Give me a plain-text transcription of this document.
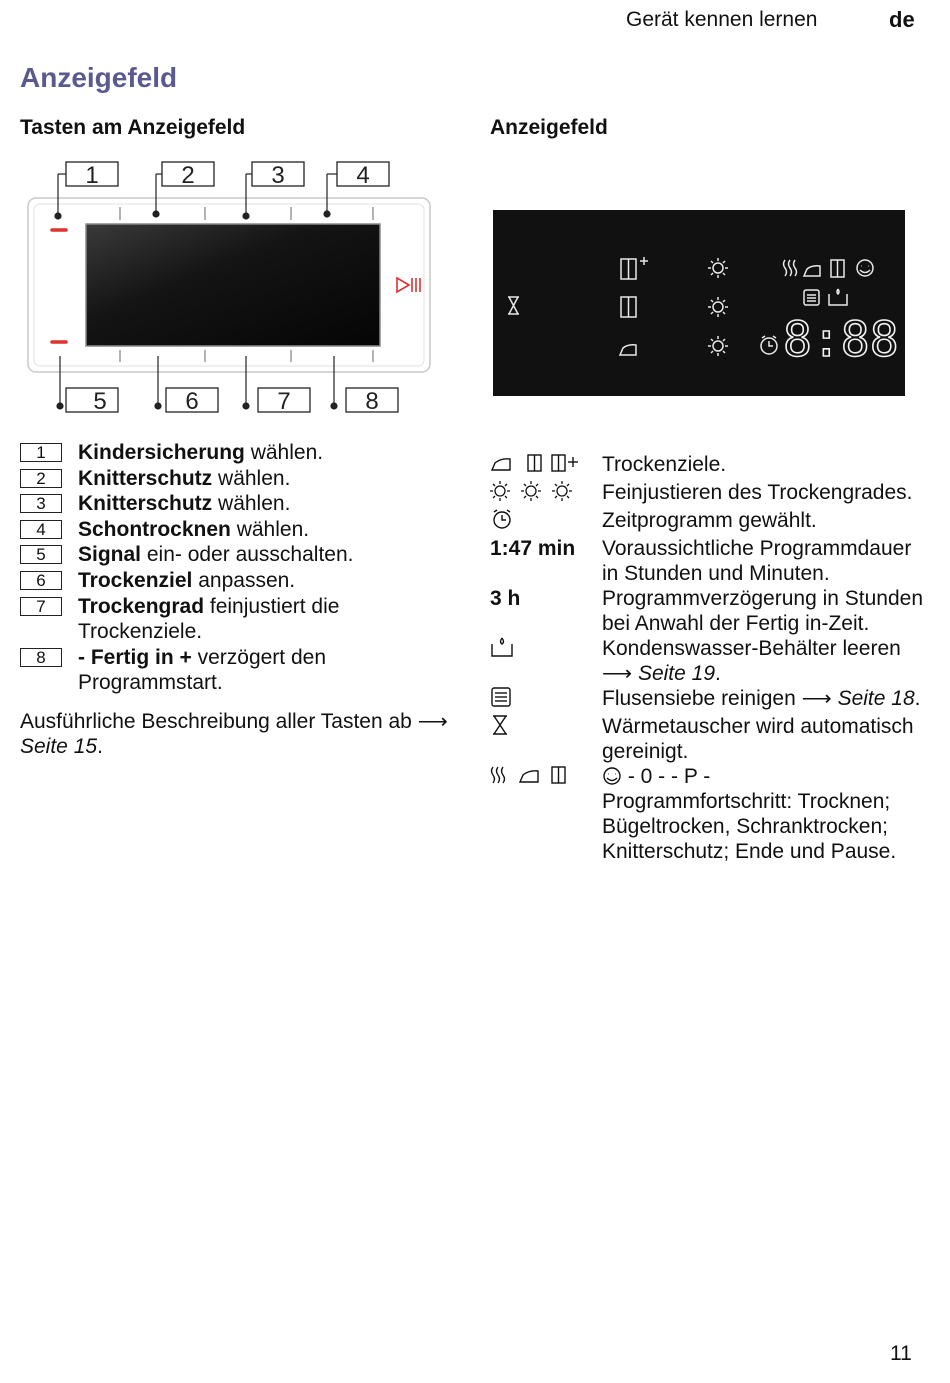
Gerät kennen lernen	de
Anzeigefeld
Tasten am Anzeigefeld	Anzeigefeld
1	2	3	4
5	6	7	8
8:88
1	Kindersicherung wählen.
2	Knitterschutz wählen.
3	Knitterschutz wählen.
4	Schontrocknen wählen.
5	Signal ein- oder ausschalten.
6	Trockenziel anpassen.
7	Trockengrad feinjustiert die Trockenziele.
8	- Fertig in + verzögert den Programmstart.
Ausführliche Beschreibung aller Tasten ab ⟶ Seite 15.
Trockenziele.
Feinjustieren des Trockengrades.
Zeitprogramm gewählt.
1:47 min	Voraussichtliche Programmdauer in Stunden und Minuten.
3 h	Programmverzögerung in Stunden bei Anwahl der Fertig in-Zeit.
Kondenswasser-Behälter leeren ⟶ Seite 19.
Flusensiebe reinigen ⟶ Seite 18.
Wärmetauscher wird automatisch gereinigt.
- 0 - - P -
Programmfortschritt: Trocknen; Bügeltrocken, Schranktrocken; Knitterschutz; Ende und Pause.
11
